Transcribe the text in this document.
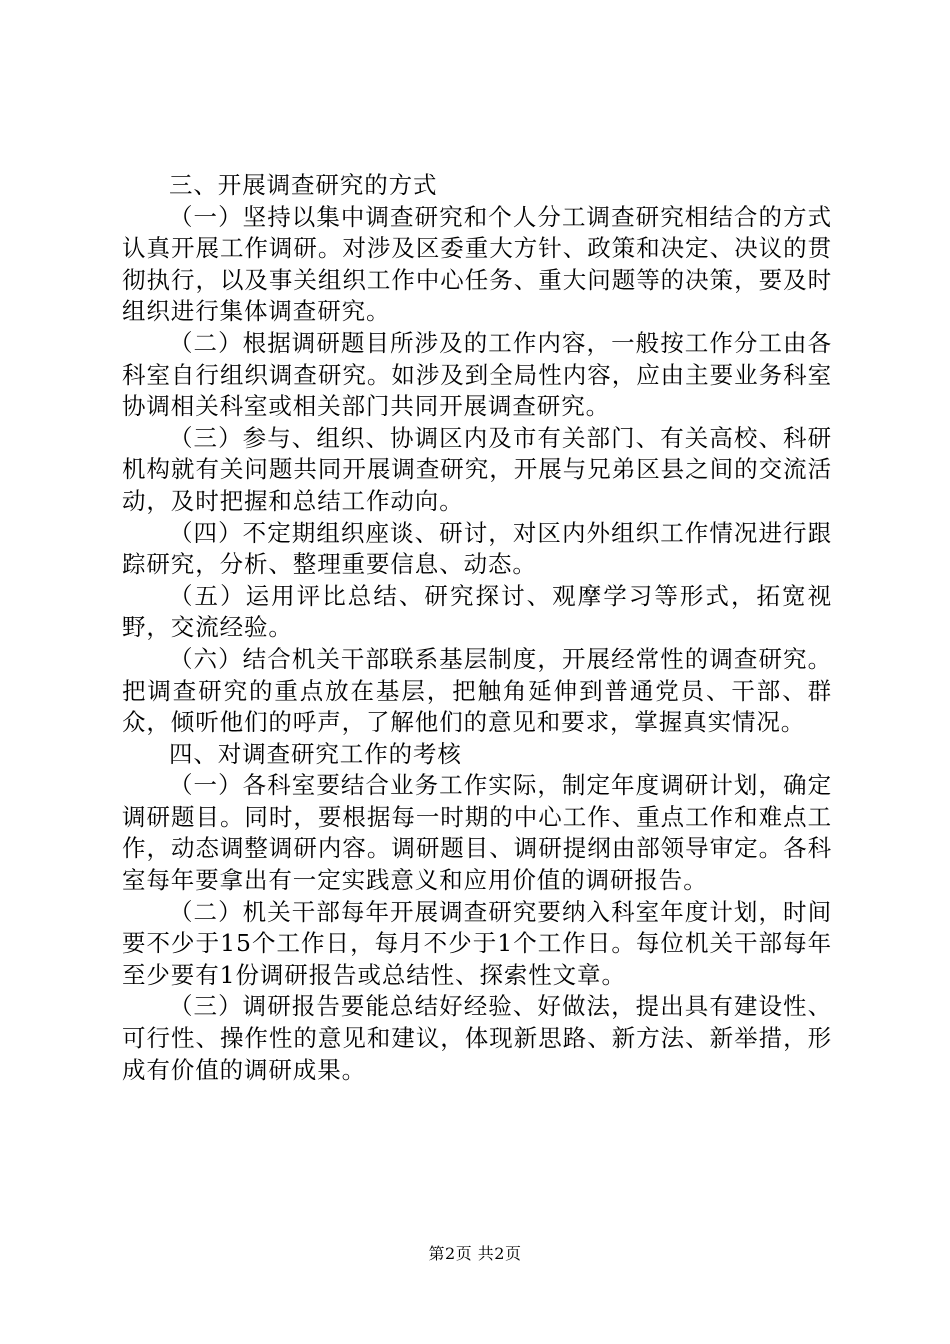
三、开展调查研究的方式

（一）坚持以集中调查研究和个人分工调查研究相结合的方式认真开展工作调研。对涉及区委重大方针、政策和决定、决议的贯彻执行，以及事关组织工作中心任务、重大问题等的决策，要及时组织进行集体调查研究。

（二）根据调研题目所涉及的工作内容，一般按工作分工由各科室自行组织调查研究。如涉及到全局性内容，应由主要业务科室协调相关科室或相关部门共同开展调查研究。

（三）参与、组织、协调区内及市有关部门、有关高校、科研机构就有关问题共同开展调查研究，开展与兄弟区县之间的交流活动，及时把握和总结工作动向。

（四）不定期组织座谈、研讨，对区内外组织工作情况进行跟踪研究，分析、整理重要信息、动态。

（五）运用评比总结、研究探讨、观摩学习等形式，拓宽视野，交流经验。

（六）结合机关干部联系基层制度，开展经常性的调查研究。把调查研究的重点放在基层，把触角延伸到普通党员、干部、群众，倾听他们的呼声，了解他们的意见和要求，掌握真实情况。

四、对调查研究工作的考核

（一）各科室要结合业务工作实际，制定年度调研计划，确定调研题目。同时，要根据每一时期的中心工作、重点工作和难点工作，动态调整调研内容。调研题目、调研提纲由部领导审定。各科室每年要拿出有一定实践意义和应用价值的调研报告。

（二）机关干部每年开展调查研究要纳入科室年度计划，时间要不少于15个工作日，每月不少于1个工作日。每位机关干部每年至少要有1份调研报告或总结性、探索性文章。

（三）调研报告要能总结好经验、好做法，提出具有建设性、可行性、操作性的意见和建议，体现新思路、新方法、新举措，形成有价值的调研成果。

第2页 共2页
